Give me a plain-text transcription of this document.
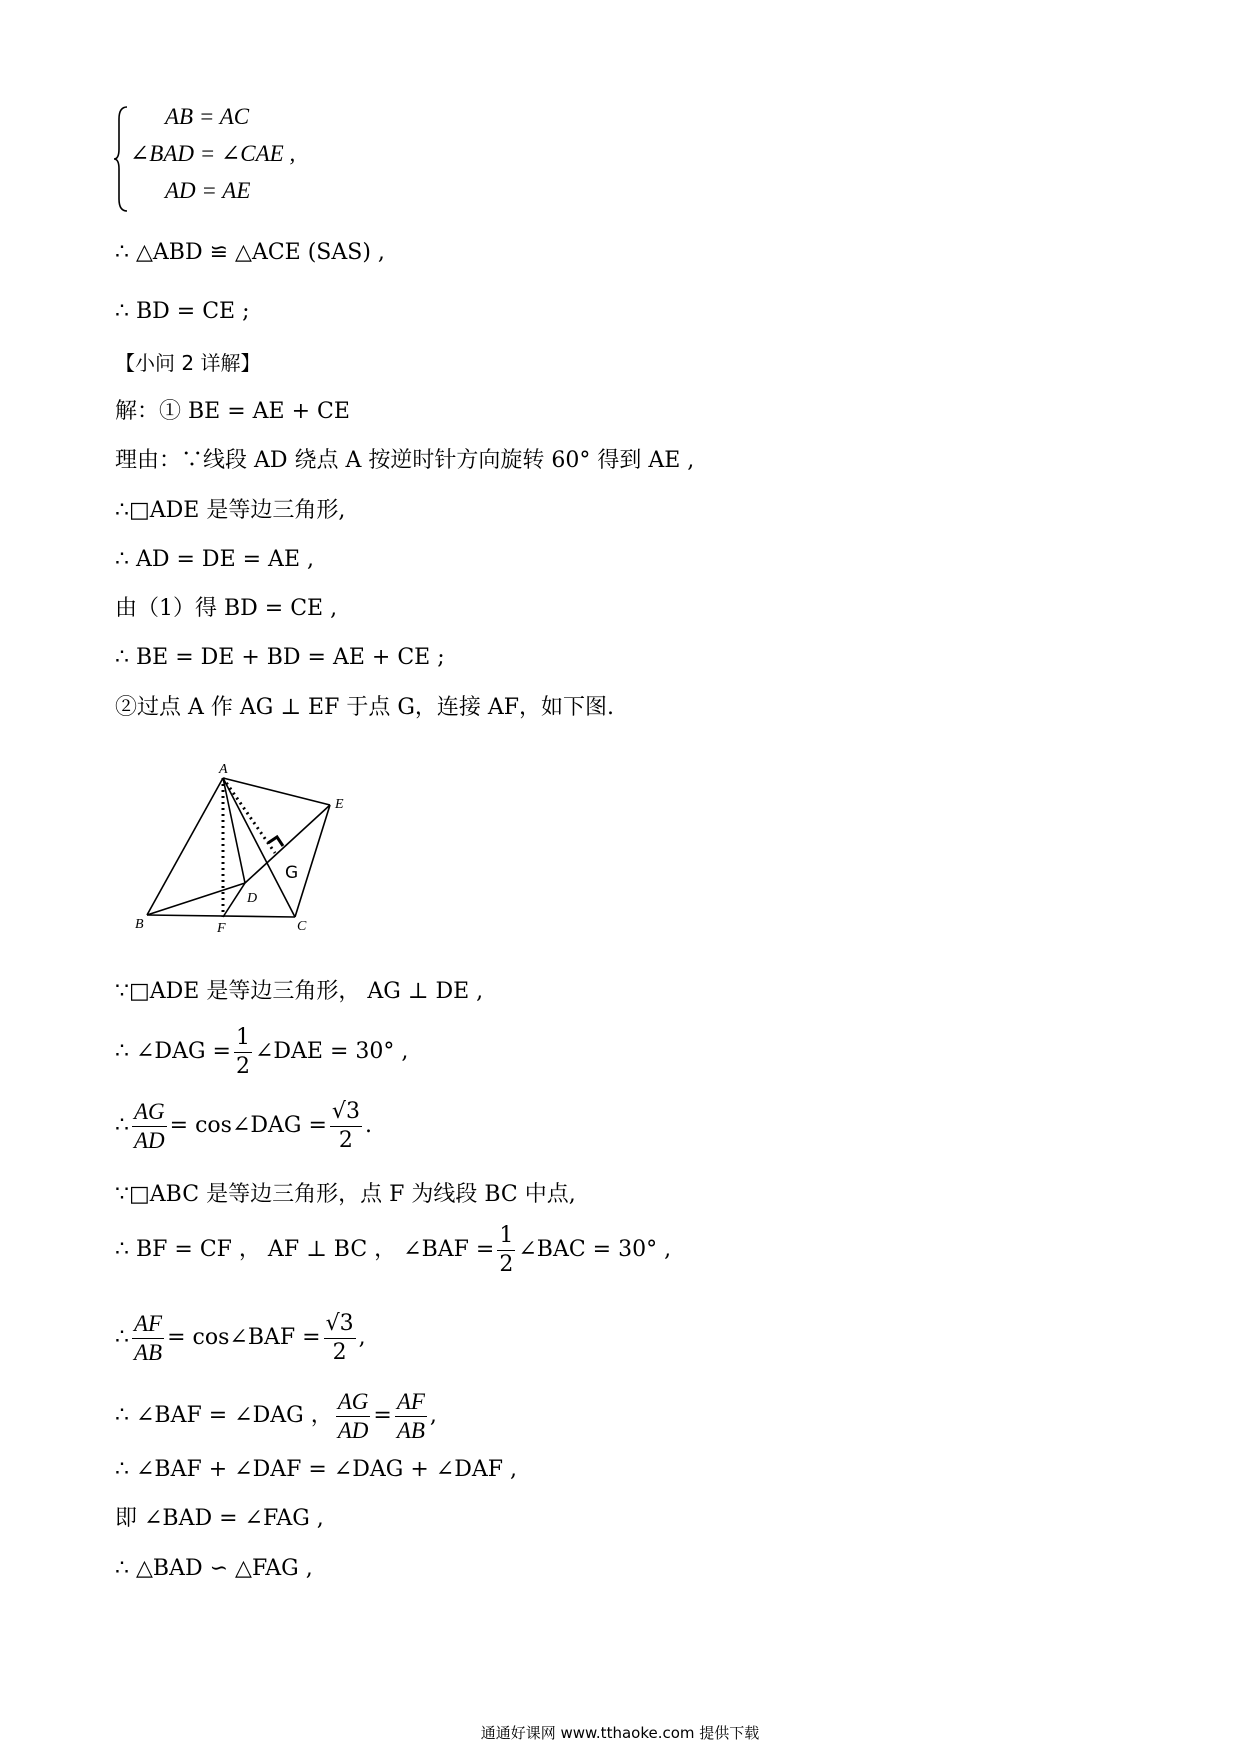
AB = AC
∠BAD = ∠CAE ,
AD = AE
∴ △ABD ≌ △ACE (SAS) ,
∴ BD = CE ;
【小问 2 详解】
解：① BE = AE + CE
理由：∵线段 AD 绕点 A 按逆时针方向旋转 60° 得到 AE ,
∴□ADE 是等边三角形,
∴ AD = DE = AE ,
由（1）得 BD = CE ,
∴ BE = DE + BD = AE + CE ;
②过点 A 作 AG ⊥ EF 于点 G，连接 AF，如下图.
A
B	C
D
E
F
G
∵□ADE 是等边三角形， AG ⊥ DE ,
∴ ∠DAG = $\frac{1}{2}$ ∠DAE = 30° ,
∴ $\frac{AG}{AD}$ = cos∠DAG = $\frac{√3}{2}$ .
∵□ABC 是等边三角形，点 F 为线段 BC 中点,
∴ BF = CF ， AF ⊥ BC ， ∠BAF = $\frac{1}{2}$ ∠BAC = 30° ,
∴ $\frac{AF}{AB}$ = cos∠BAF = $\frac{√3}{2}$ ,
∴ ∠BAF = ∠DAG ， $\frac{AG}{AD} = \frac{AF}{AB}$ ,
∴ ∠BAF + ∠DAF = ∠DAG + ∠DAF ,
即 ∠BAD = ∠FAG ,
∴ △BAD ∽ △FAG ,
通通好课网 www.tthaoke.com 提供下载
